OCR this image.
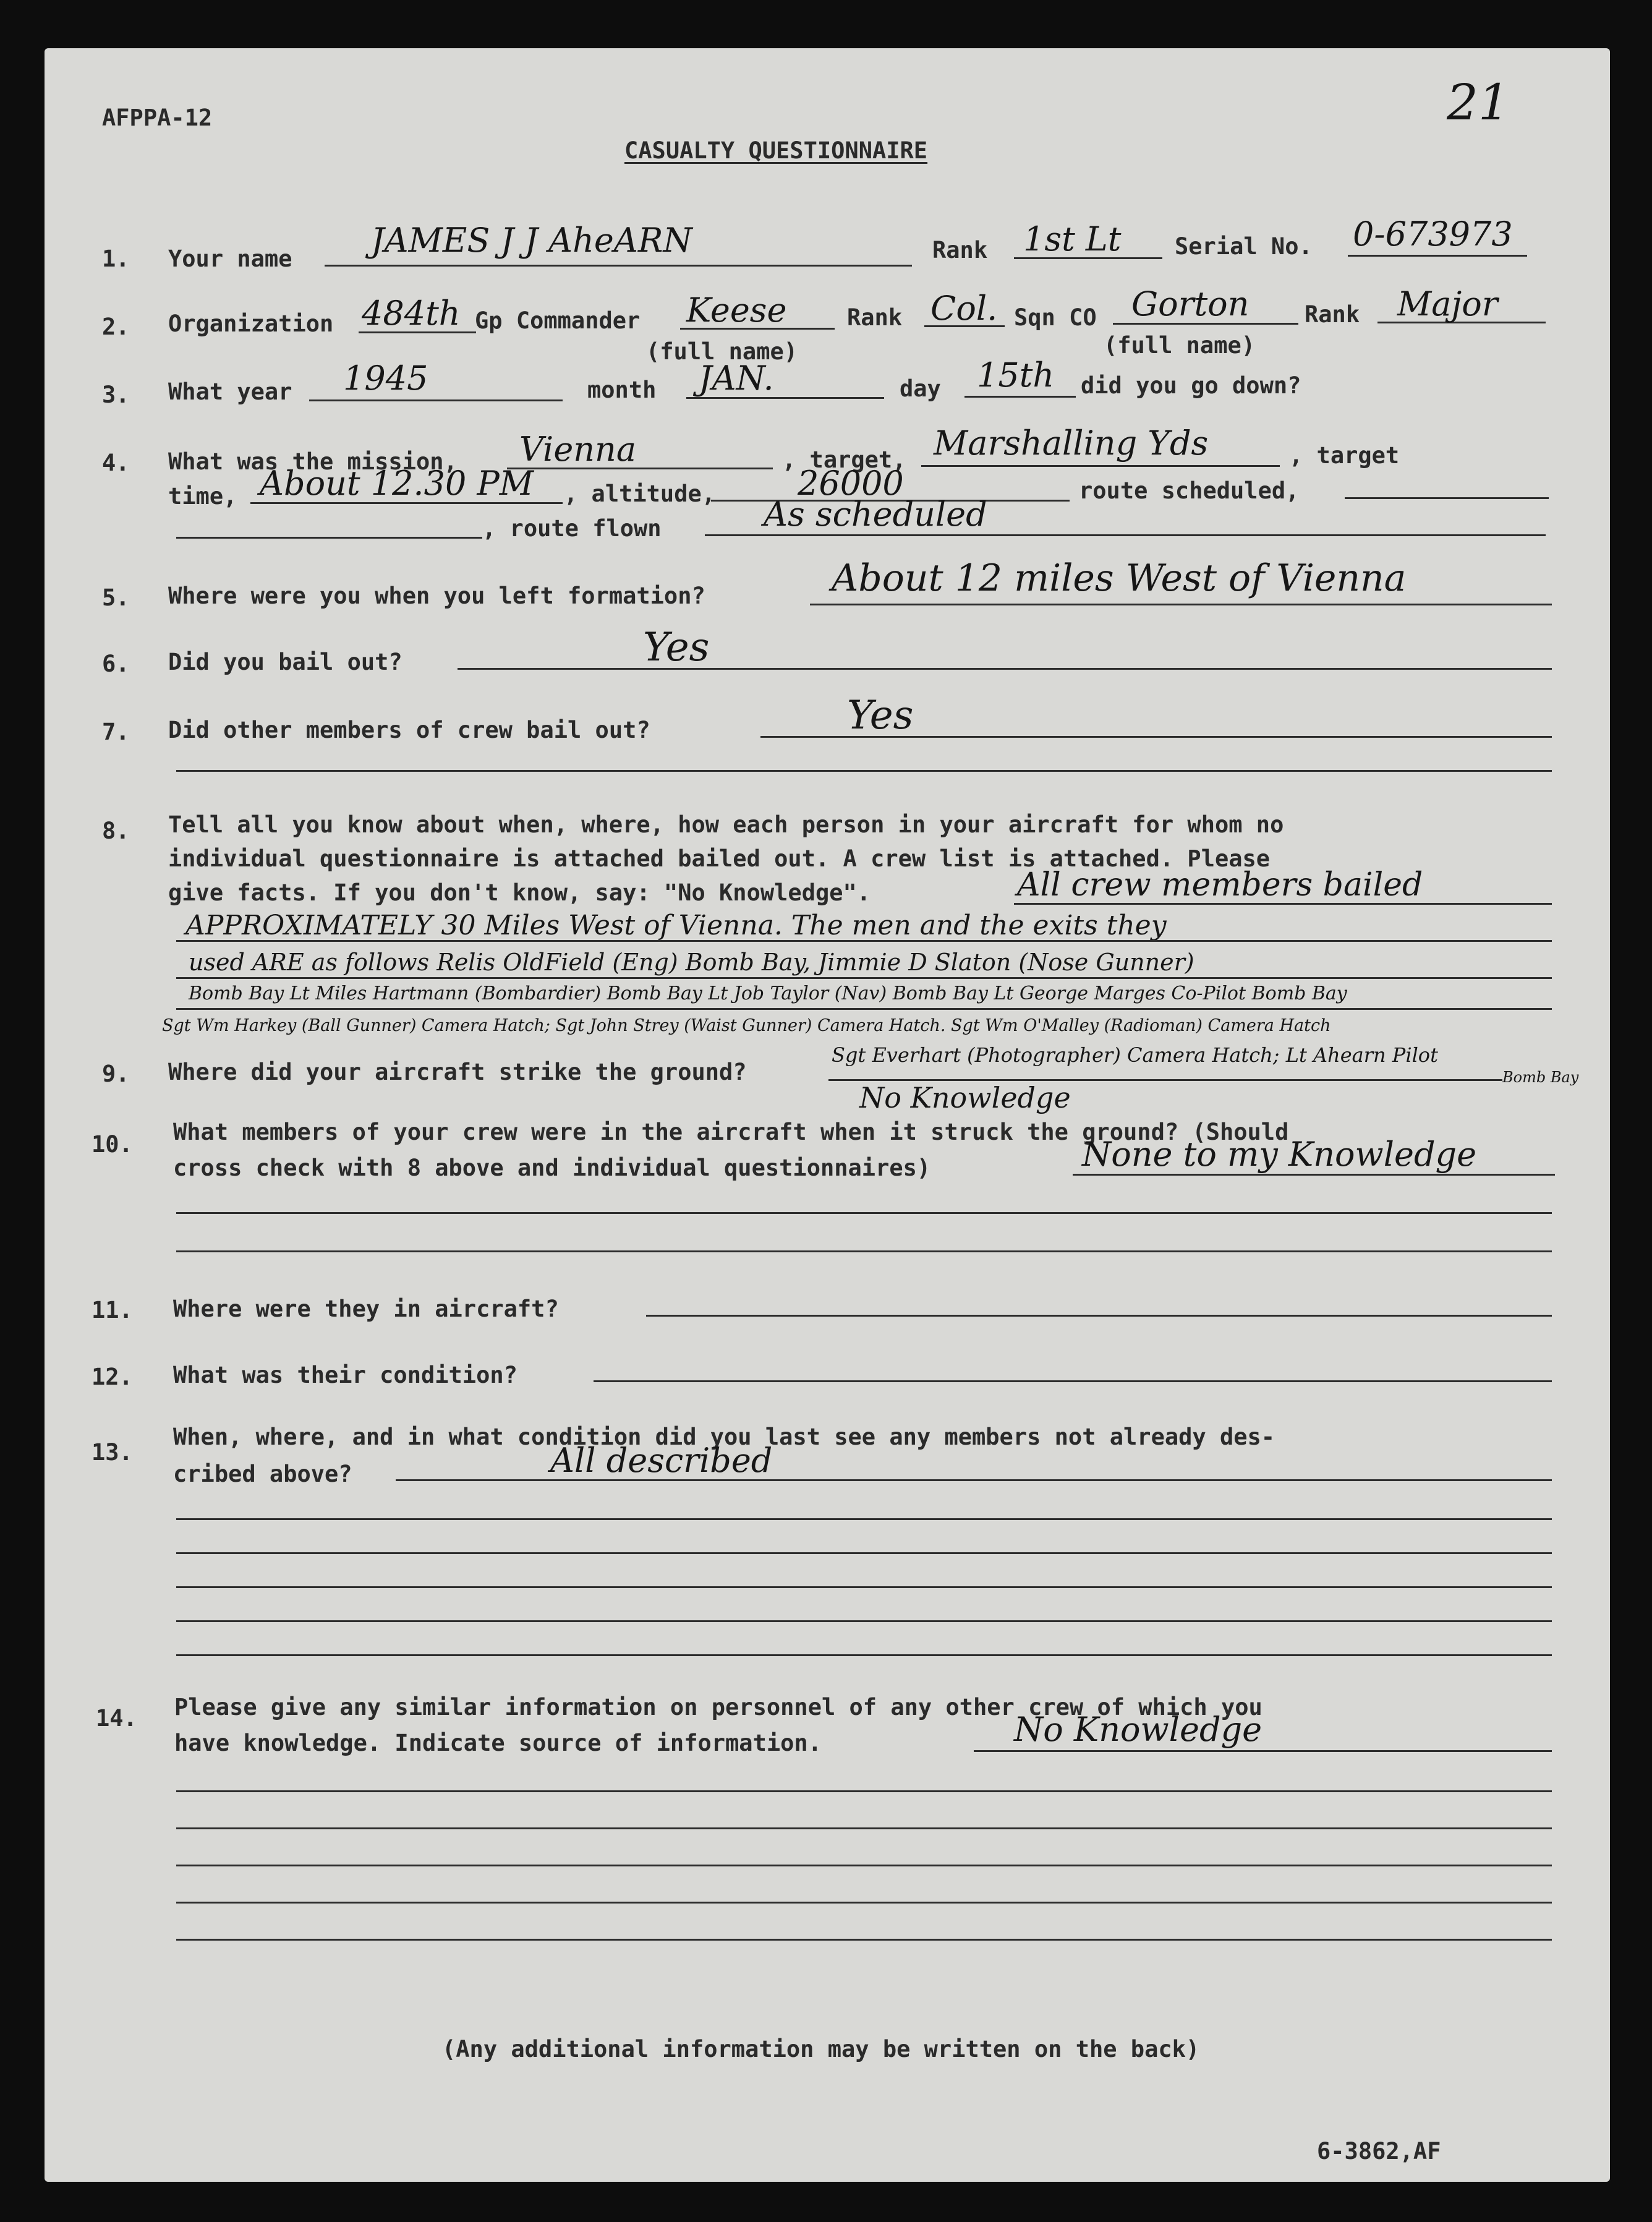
AFPPA-12	21
CASUALTY QUESTIONNAIRE
1. Your name JAMES J J AheARN	Rank 1st Lt Serial No. 0-673973
2. Organization 484th Gp Commander Keese	Rank Col. Sqn CO Gorton Rank Major
(full name)	(full name)
3. What year 1945	month JAN.	day 15th did you go down?
4. What was the mission, Vienna	, target, Marshalling Yds	, target
time, About 12.30 PM , altitude, 26000	route scheduled,
, route flown	As scheduled
5. Where were you when you left formation?	About 12 miles West of Vienna
6. Did you bail out?	Yes
7. Did other members of crew bail out?	Yes
8. Tell all you know about when, where, how each person in your aircraft for whom no
individual questionnaire is attached bailed out. A crew list is attached. Please
give facts. If you don't know, say: "No Knowledge".	All crew members bailed
APPROXIMATELY 30 Miles West of Vienna. The men and the exits they
used ARE as follows Relis OldField (Eng) Bomb Bay, Jimmie D Slaton (Nose Gunner)
Bomb Bay Lt Miles Hartmann (Bombardier) Bomb Bay Lt Job Taylor (Nav) Bomb Bay Lt George Marges Co-Pilot Bomb Bay
Sgt Wm Harkey (Ball Gunner) Camera Hatch; Sgt John Strey (Waist Gunner) Camera Hatch. Sgt Wm O'Malley (Radioman) Camera Hatch
9. Where did your aircraft strike the ground?
Sgt Everhart (Photographer) Camera Hatch; Lt Ahearn Pilot
Bomb Bay
No Knowledge
10. What members of your crew were in the aircraft when it struck the ground? (Should
cross check with 8 above and individual questionnaires)	None to my Knowledge
11. Where were they in aircraft?
12. What was their condition?
13.
When, where, and in what condition did you last see any members not already des-
cribed above?	All described
14. Please give any similar information on personnel of any other crew of which you
have knowledge. Indicate source of information.	No Knowledge
(Any additional information may be written on the back)
6-3862,AF
